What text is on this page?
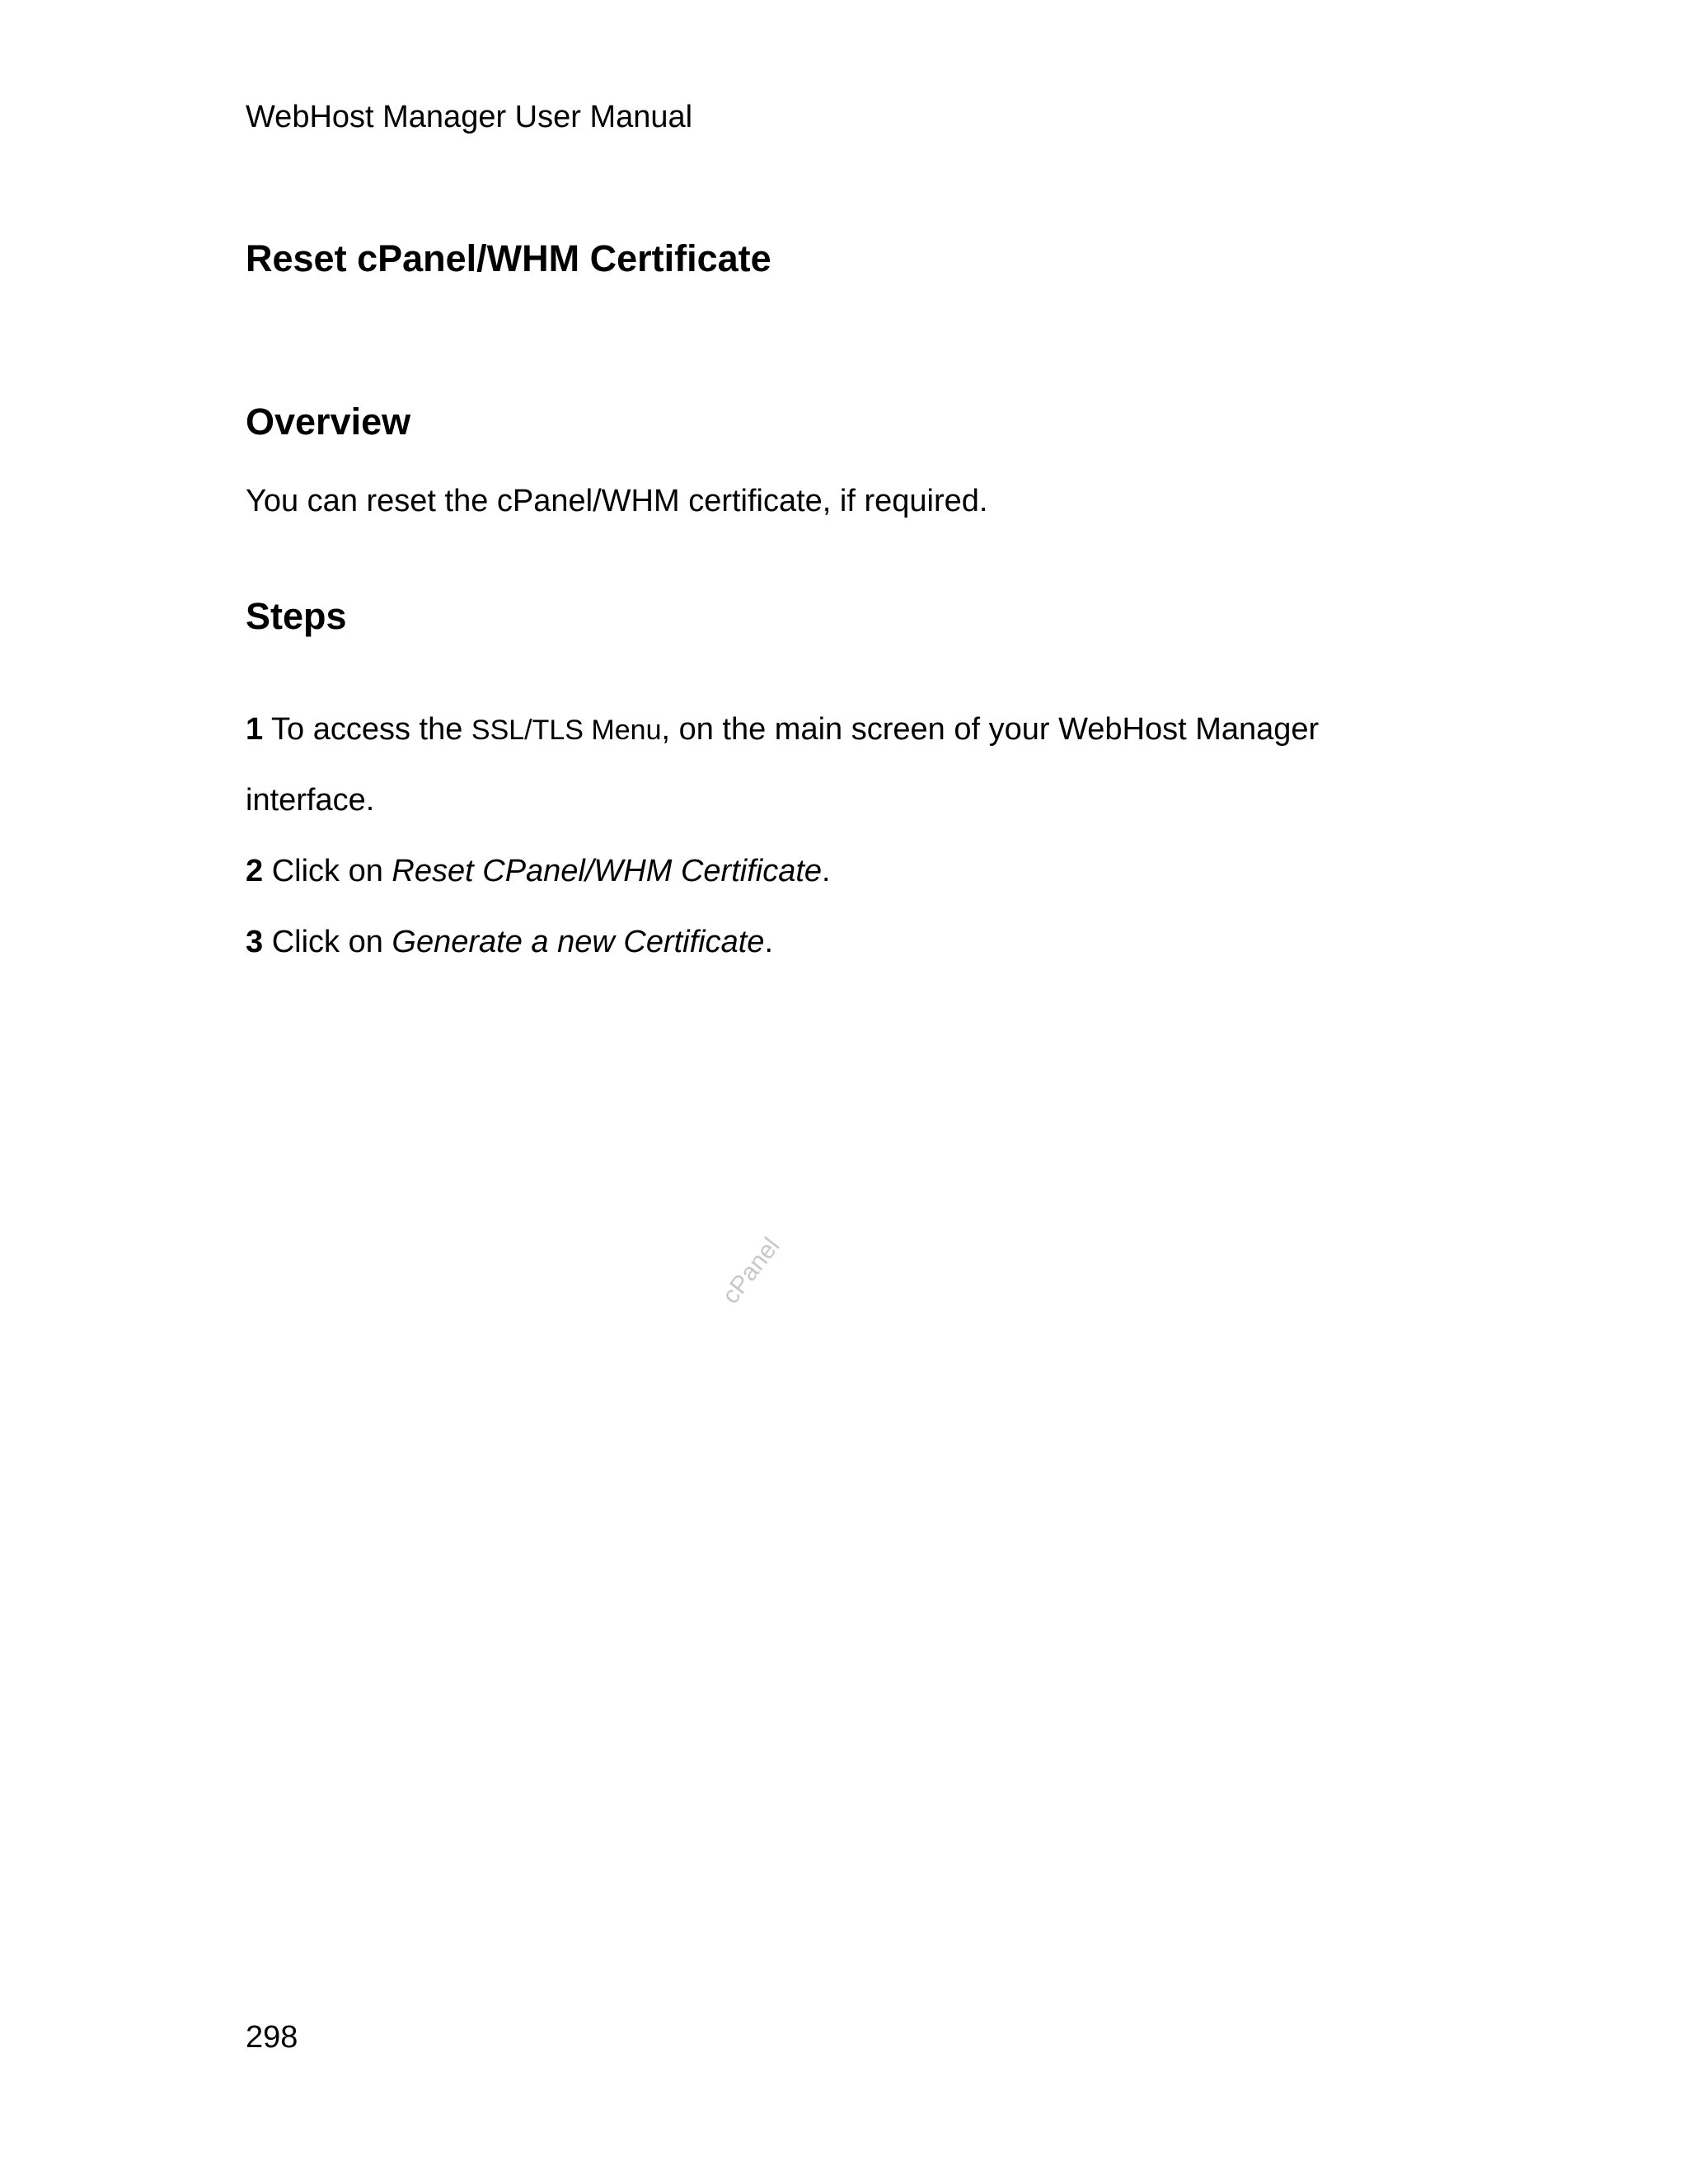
WebHost Manager User Manual
Reset cPanel/WHM Certificate
Overview

You can reset the cPanel/WHM certificate, if required.

Steps
1 To access the SSL/TLS Menu, on the main screen of your WebHost Manager
interface.
2 Click on Reset CPanel/WHM Certificate.
3 Click on Generate a new Certificate.
cPanel
298
